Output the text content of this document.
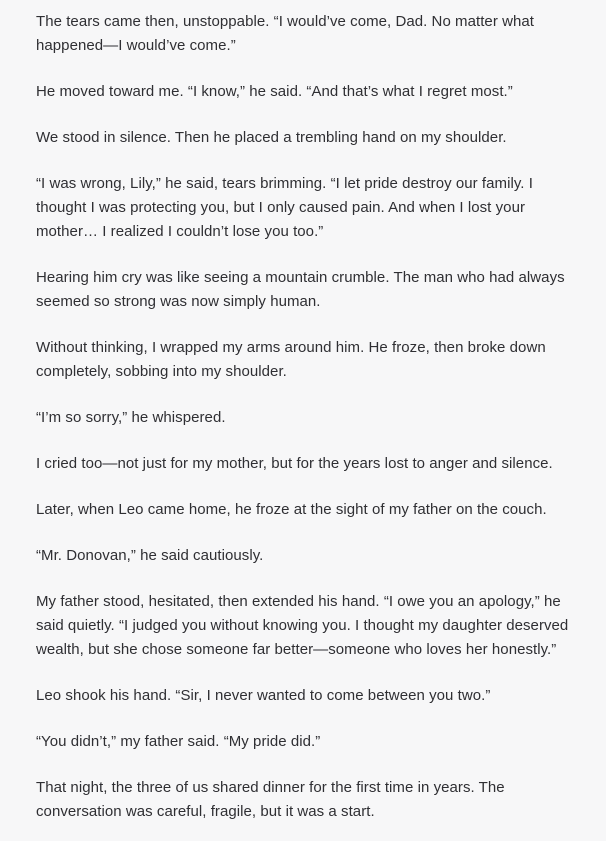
The tears came then, unstoppable. “I would’ve come, Dad. No matter what happened—I would’ve come.”

He moved toward me. “I know,” he said. “And that’s what I regret most.”

We stood in silence. Then he placed a trembling hand on my shoulder.

“I was wrong, Lily,” he said, tears brimming. “I let pride destroy our family. I thought I was protecting you, but I only caused pain. And when I lost your mother… I realized I couldn’t lose you too.”

Hearing him cry was like seeing a mountain crumble. The man who had always seemed so strong was now simply human.

Without thinking, I wrapped my arms around him. He froze, then broke down completely, sobbing into my shoulder.

“I’m so sorry,” he whispered.

I cried too—not just for my mother, but for the years lost to anger and silence.

Later, when Leo came home, he froze at the sight of my father on the couch.

“Mr. Donovan,” he said cautiously.

My father stood, hesitated, then extended his hand. “I owe you an apology,” he said quietly. “I judged you without knowing you. I thought my daughter deserved wealth, but she chose someone far better—someone who loves her honestly.”

Leo shook his hand. “Sir, I never wanted to come between you two.”

“You didn’t,” my father said. “My pride did.”

That night, the three of us shared dinner for the first time in years. The conversation was careful, fragile, but it was a start.
